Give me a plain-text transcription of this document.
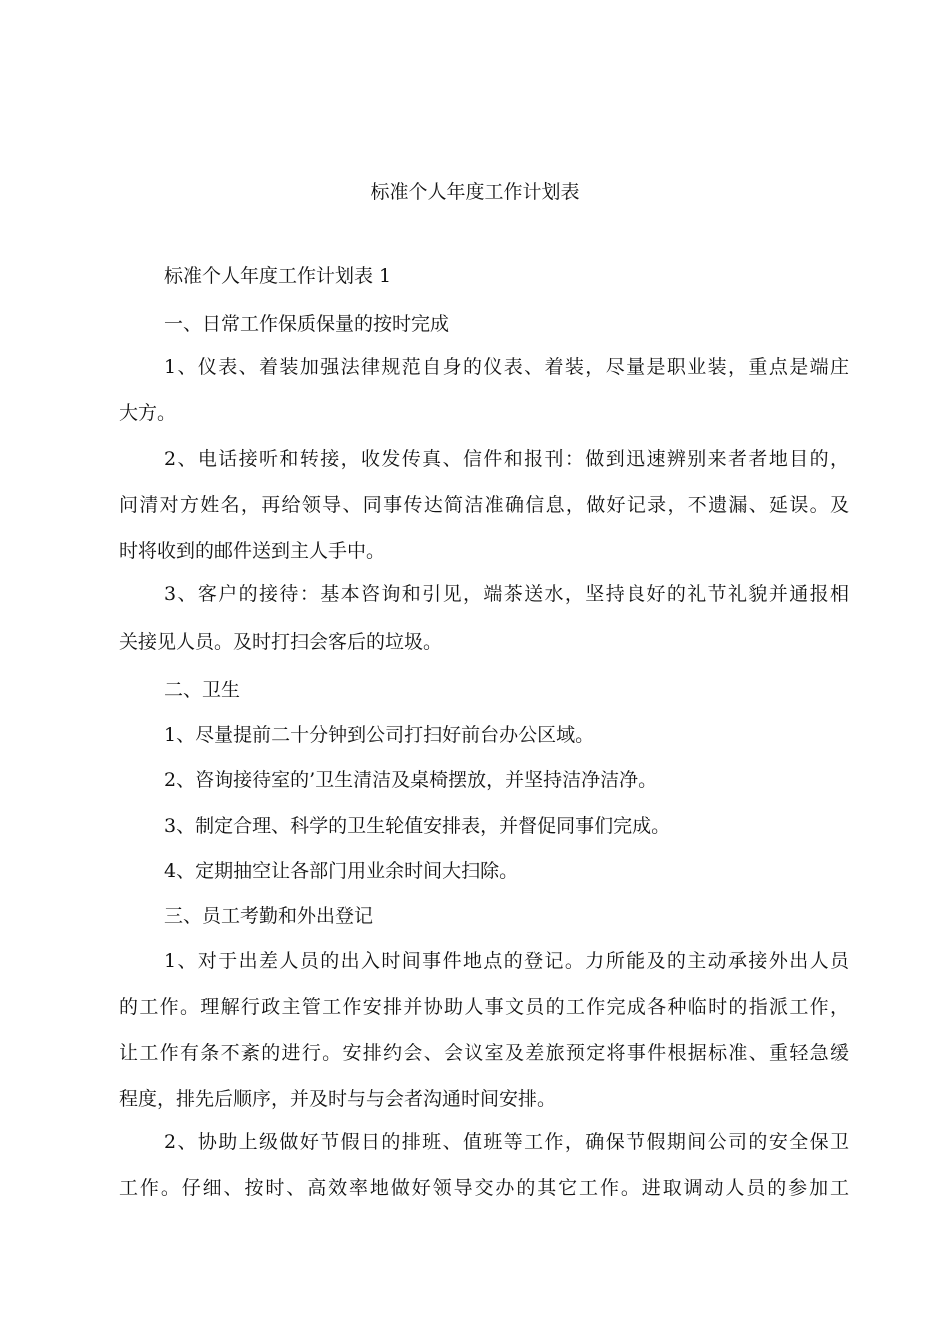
标准个人年度工作计划表
标准个人年度工作计划表 1
一、日常工作保质保量的按时完成
1、仪表、着装加强法律规范自身的仪表、着装，尽量是职业装，重点是端庄
大方。
2、电话接听和转接，收发传真、信件和报刊：做到迅速辨别来者者地目的，
问清对方姓名，再给领导、同事传达简洁准确信息，做好记录，不遗漏、延误。及
时将收到的邮件送到主人手中。
3、客户的接待：基本咨询和引见，端茶送水，坚持良好的礼节礼貌并通报相
关接见人员。及时打扫会客后的垃圾。
二、卫生
1、尽量提前二十分钟到公司打扫好前台办公区域。
2、咨询接待室的’卫生清洁及桌椅摆放，并坚持洁净洁净。
3、制定合理、科学的卫生轮值安排表，并督促同事们完成。
4、定期抽空让各部门用业余时间大扫除。
三、员工考勤和外出登记
1、对于出差人员的出入时间事件地点的登记。力所能及的主动承接外出人员
的工作。理解行政主管工作安排并协助人事文员的工作完成各种临时的指派工作，
让工作有条不紊的进行。安排约会、会议室及差旅预定将事件根据标准、重轻急缓
程度，排先后顺序，并及时与与会者沟通时间安排。
2、协助上级做好节假日的排班、值班等工作，确保节假期间公司的安全保卫
工作。仔细、按时、高效率地做好领导交办的其它工作。进取调动人员的参加工
